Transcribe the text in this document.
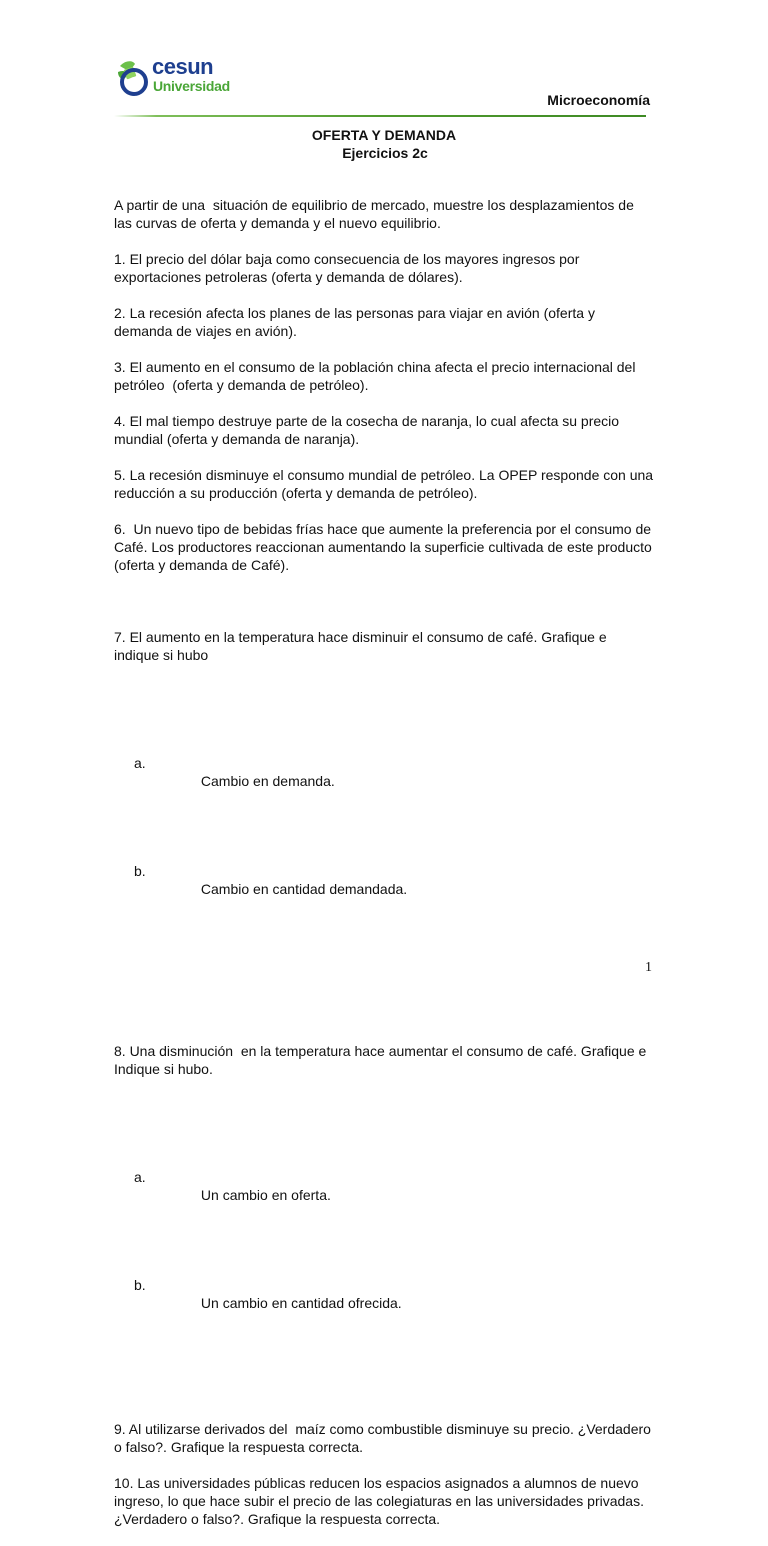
cesun
Universidad
Microeconomía
OFERTA Y DEMANDA
Ejercicios 2c

A partir de una  situación de equilibrio de mercado, muestre los desplazamientos de las curvas de oferta y demanda y el nuevo equilibrio.

1. El precio del dólar baja como consecuencia de los mayores ingresos por exportaciones petroleras (oferta y demanda de dólares).

2. La recesión afecta los planes de las personas para viajar en avión (oferta y demanda de viajes en avión).

3. El aumento en el consumo de la población china afecta el precio internacional del petróleo  (oferta y demanda de petróleo).

4. El mal tiempo destruye parte de la cosecha de naranja, lo cual afecta su precio mundial (oferta y demanda de naranja).

5. La recesión disminuye el consumo mundial de petróleo. La OPEP responde con una reducción a su producción (oferta y demanda de petróleo).

6.  Un nuevo tipo de bebidas frías hace que aumente la preferencia por el consumo de Café. Los productores reaccionan aumentando la superficie cultivada de este producto (oferta y demanda de Café).

7. El aumento en la temperatura hace disminuir el consumo de café. Grafique e indique si hubo

a.

Cambio en demanda.

b.

Cambio en cantidad demandada.

8. Una disminución  en la temperatura hace aumentar el consumo de café. Grafique e Indique si hubo.

a.

Un cambio en oferta.

b.

Un cambio en cantidad ofrecida.

9. Al utilizarse derivados del  maíz como combustible disminuye su precio. ¿Verdadero o falso?. Grafique la respuesta correcta.

10. Las universidades públicas reducen los espacios asignados a alumnos de nuevo ingreso, lo que hace subir el precio de las colegiaturas en las universidades privadas. ¿Verdadero o falso?. Grafique la respuesta correcta.

1
